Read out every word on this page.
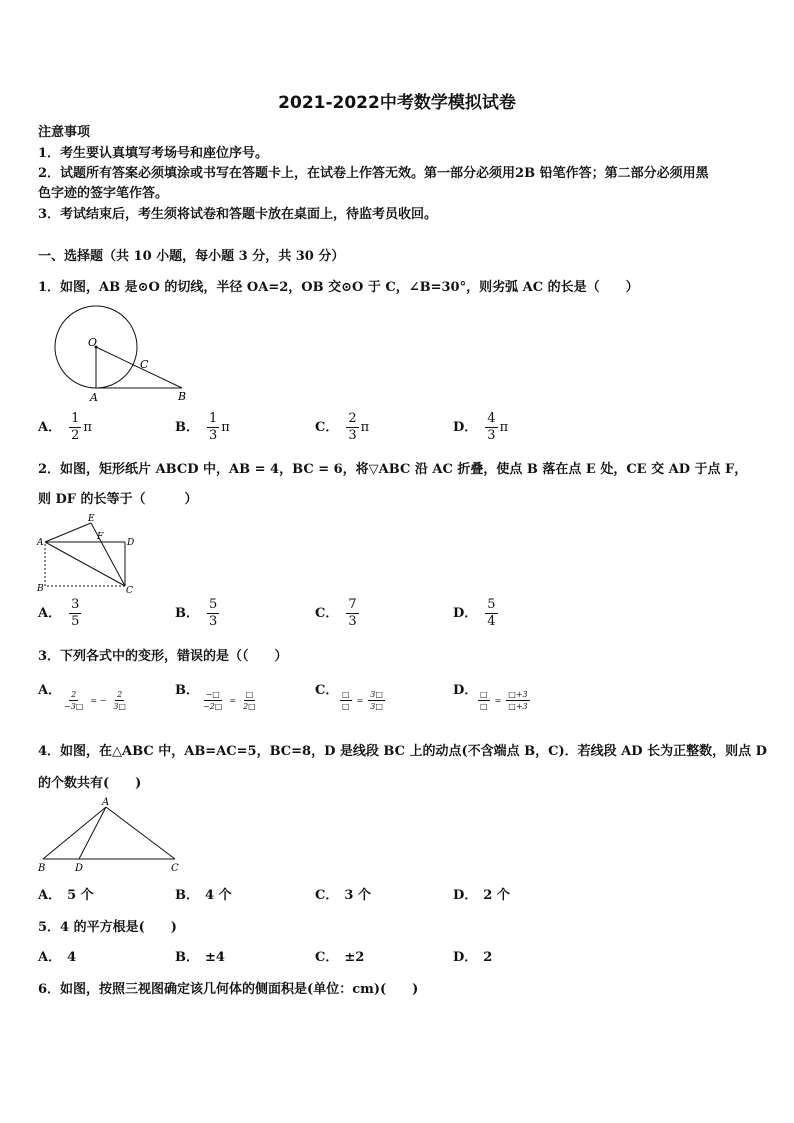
2021-2022中考数学模拟试卷
注意事项
1．考生要认真填写考场号和座位序号。
2．试题所有答案必须填涂或书写在答题卡上，在试卷上作答无效。第一部分必须用2B 铅笔作答；第二部分必须用黑
色字迹的签字笔作答。
3．考试结束后，考生须将试卷和答题卡放在桌面上，待监考员收回。
一、选择题（共 10 小题，每小题 3 分，共 30 分）
1．如图，AB 是⊙O 的切线，半径 OA=2，OB 交⊙O 于 C，∠B=30°，则劣弧 AC 的长是（　　）
O
C
A	B
A． $\frac{1}{2}$ π	B． $\frac{1}{3}$ π	C． $\frac{2}{3}$ π	D． $\frac{4}{3}$ π
2．如图，矩形纸片 ABCD 中，AB = 4，BC = 6，将▽ABC 沿 AC 折叠，使点 B 落在点 E 处，CE 交 AD 于点 F，
则 DF 的长等于（　　　）
A
B	C
D
E
F
A． $\frac{3}{5}$	B． $\frac{5}{3}$	C． $\frac{7}{3}$	D． $\frac{5}{4}$
3．下列各式中的变形，错误的是（（　　）
A． $\frac{2}{-3□}$ = − $\frac{2}{3□}$	B． $\frac{-□}{-2□} = \frac{□}{2□}$	C． $\frac{□}{□} = \frac{3□}{3□}$	D． $\frac{□}{□} = \frac{□+3}{□+3}$
4．如图，在△ABC 中，AB=AC=5，BC=8，D 是线段 BC 上的动点(不含端点 B，C)．若线段 AD 长为正整数，则点 D
的个数共有(　　)
A
B	D	C
A． 5 个	B． 4 个	C． 3 个	D． 2 个
5．4 的平方根是(　　)
A． 4	B． ±4	C． ±2	D． 2
6．如图，按照三视图确定该几何体的侧面积是(单位：cm)(　　)
